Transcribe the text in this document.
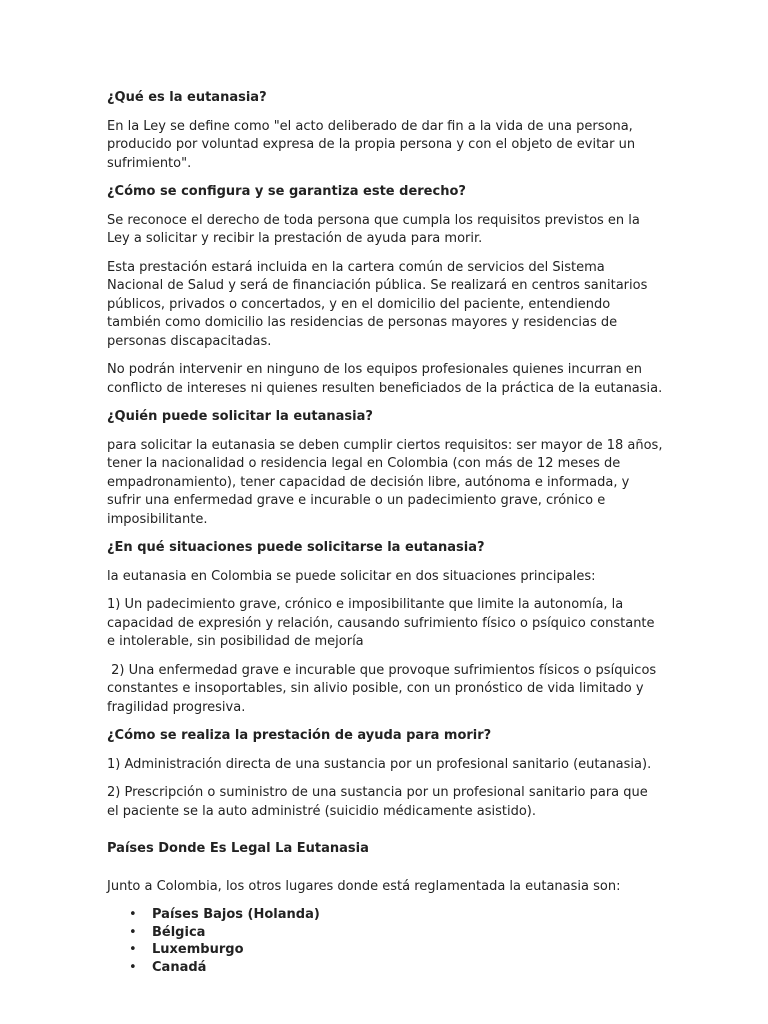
¿Qué es la eutanasia?

En la Ley se define como "el acto deliberado de dar fin a la vida de una persona, producido por voluntad expresa de la propia persona y con el objeto de evitar un sufrimiento".

¿Cómo se configura y se garantiza este derecho?

Se reconoce el derecho de toda persona que cumpla los requisitos previstos en la Ley a solicitar y recibir la prestación de ayuda para morir.

Esta prestación estará incluida en la cartera común de servicios del Sistema Nacional de Salud y será de financiación pública. Se realizará en centros sanitarios públicos, privados o concertados, y en el domicilio del paciente, entendiendo también como domicilio las residencias de personas mayores y residencias de personas discapacitadas.

No podrán intervenir en ninguno de los equipos profesionales quienes incurran en conflicto de intereses ni quienes resulten beneficiados de la práctica de la eutanasia.

¿Quién puede solicitar la eutanasia?

para solicitar la eutanasia se deben cumplir ciertos requisitos: ser mayor de 18 años, tener la nacionalidad o residencia legal en Colombia (con más de 12 meses de empadronamiento), tener capacidad de decisión libre, autónoma e informada, y sufrir una enfermedad grave e incurable o un padecimiento grave, crónico e imposibilitante.

¿En qué situaciones puede solicitarse la eutanasia?

la eutanasia en Colombia se puede solicitar en dos situaciones principales:

1) Un padecimiento grave, crónico e imposibilitante que limite la autonomía, la capacidad de expresión y relación, causando sufrimiento físico o psíquico constante e intolerable, sin posibilidad de mejoría

2) Una enfermedad grave e incurable que provoque sufrimientos físicos o psíquicos constantes e insoportables, sin alivio posible, con un pronóstico de vida limitado y fragilidad progresiva.

¿Cómo se realiza la prestación de ayuda para morir?

1) Administración directa de una sustancia por un profesional sanitario (eutanasia).

2) Prescripción o suministro de una sustancia por un profesional sanitario para que el paciente se la auto administré (suicidio médicamente asistido).

Países Donde Es Legal La Eutanasia

Junto a Colombia, los otros lugares donde está reglamentada la eutanasia son:

• Países Bajos (Holanda)
• Bélgica
• Luxemburgo
• Canadá
